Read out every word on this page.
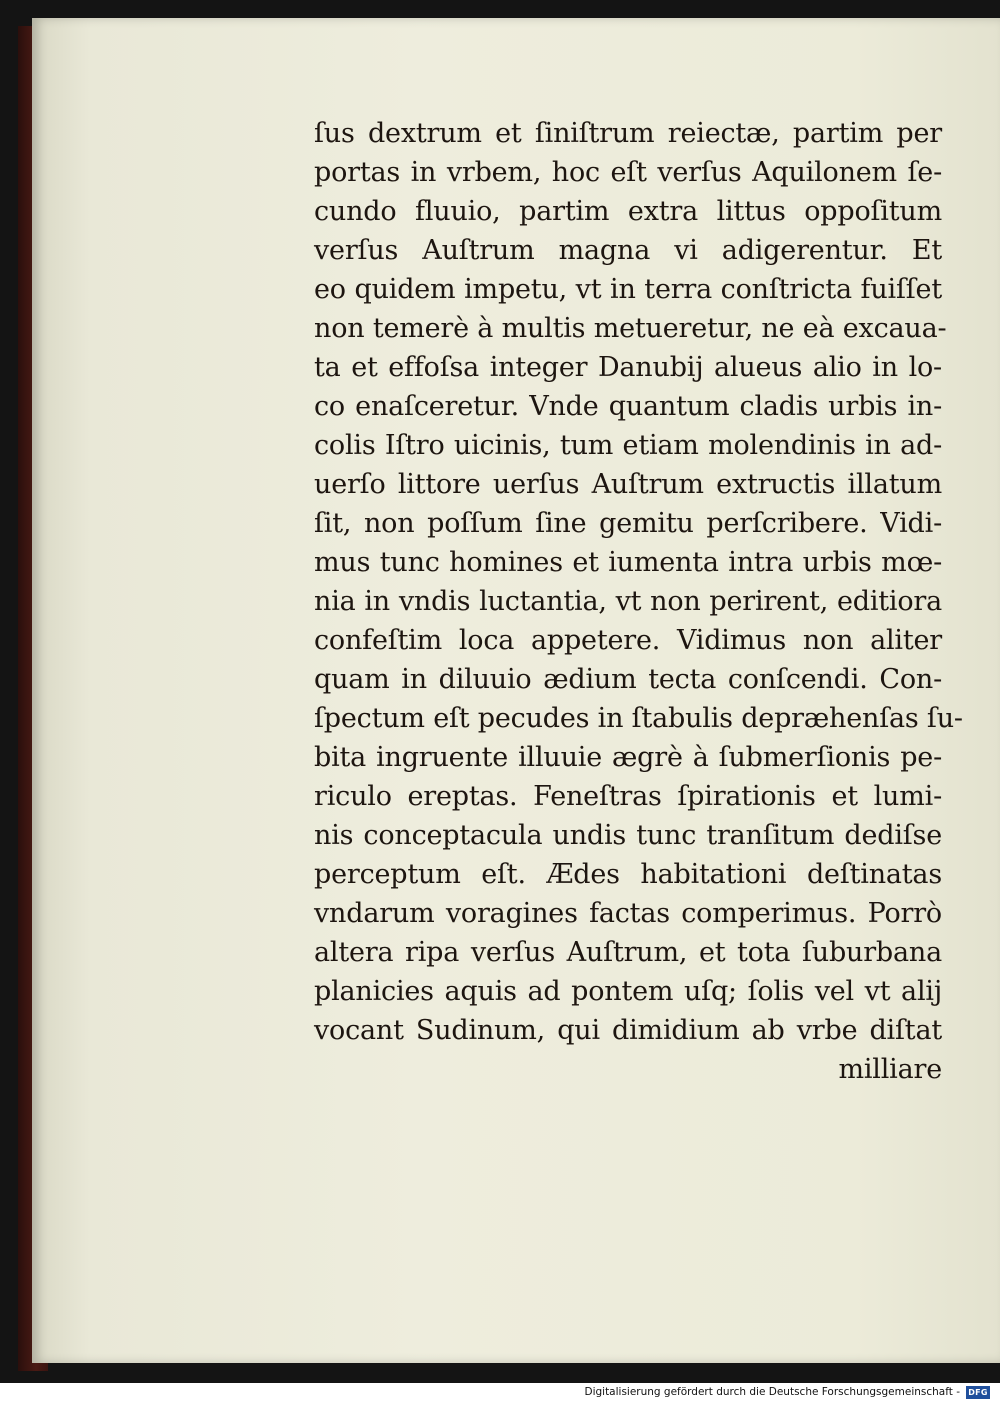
ſus dextrum et ſiniſtrum reiectæ, partim per

portas in vrbem, hoc eſt verſus Aquilonem ſe-

cundo fluuio, partim extra littus oppoſitum

verſus Auſtrum magna vi adigerentur. Et

eo quidem impetu, vt in terra conſtricta fuiſſet

non temerè à multis metueretur, ne eà excaua-

ta et effoſsa integer Danubij alueus alio in lo-

co enaſceretur. Vnde quantum cladis urbis in-

colis Iſtro uicinis, tum etiam molendinis in ad-

uerſo littore uerſus Auſtrum extructis illatum

ſit, non poſſum ſine gemitu perſcribere. Vidi-

mus tunc homines et iumenta intra urbis mœ-

nia in vndis luctantia, vt non perirent, editiora

confeſtim loca appetere. Vidimus non aliter

quam in diluuio ædium tecta conſcendi. Con-

ſpectum eſt pecudes in ſtabulis depræhenſas ſu-

bita ingruente illuuie ægrè à ſubmerſionis pe-

riculo ereptas. Feneſtras ſpirationis et lumi-

nis conceptacula undis tunc tranſitum dediſse

perceptum eſt. Ædes habitationi deſtinatas

vndarum voragines factas comperimus. Porrò

altera ripa verſus Auſtrum, et tota ſuburbana

planicies aquis ad pontem uſq; ſolis vel vt alij

vocant Sudinum, qui dimidium ab vrbe diſtat

milliare

Digitalisierung gefördert durch die Deutsche Forschungsgemeinschaft - DFG
